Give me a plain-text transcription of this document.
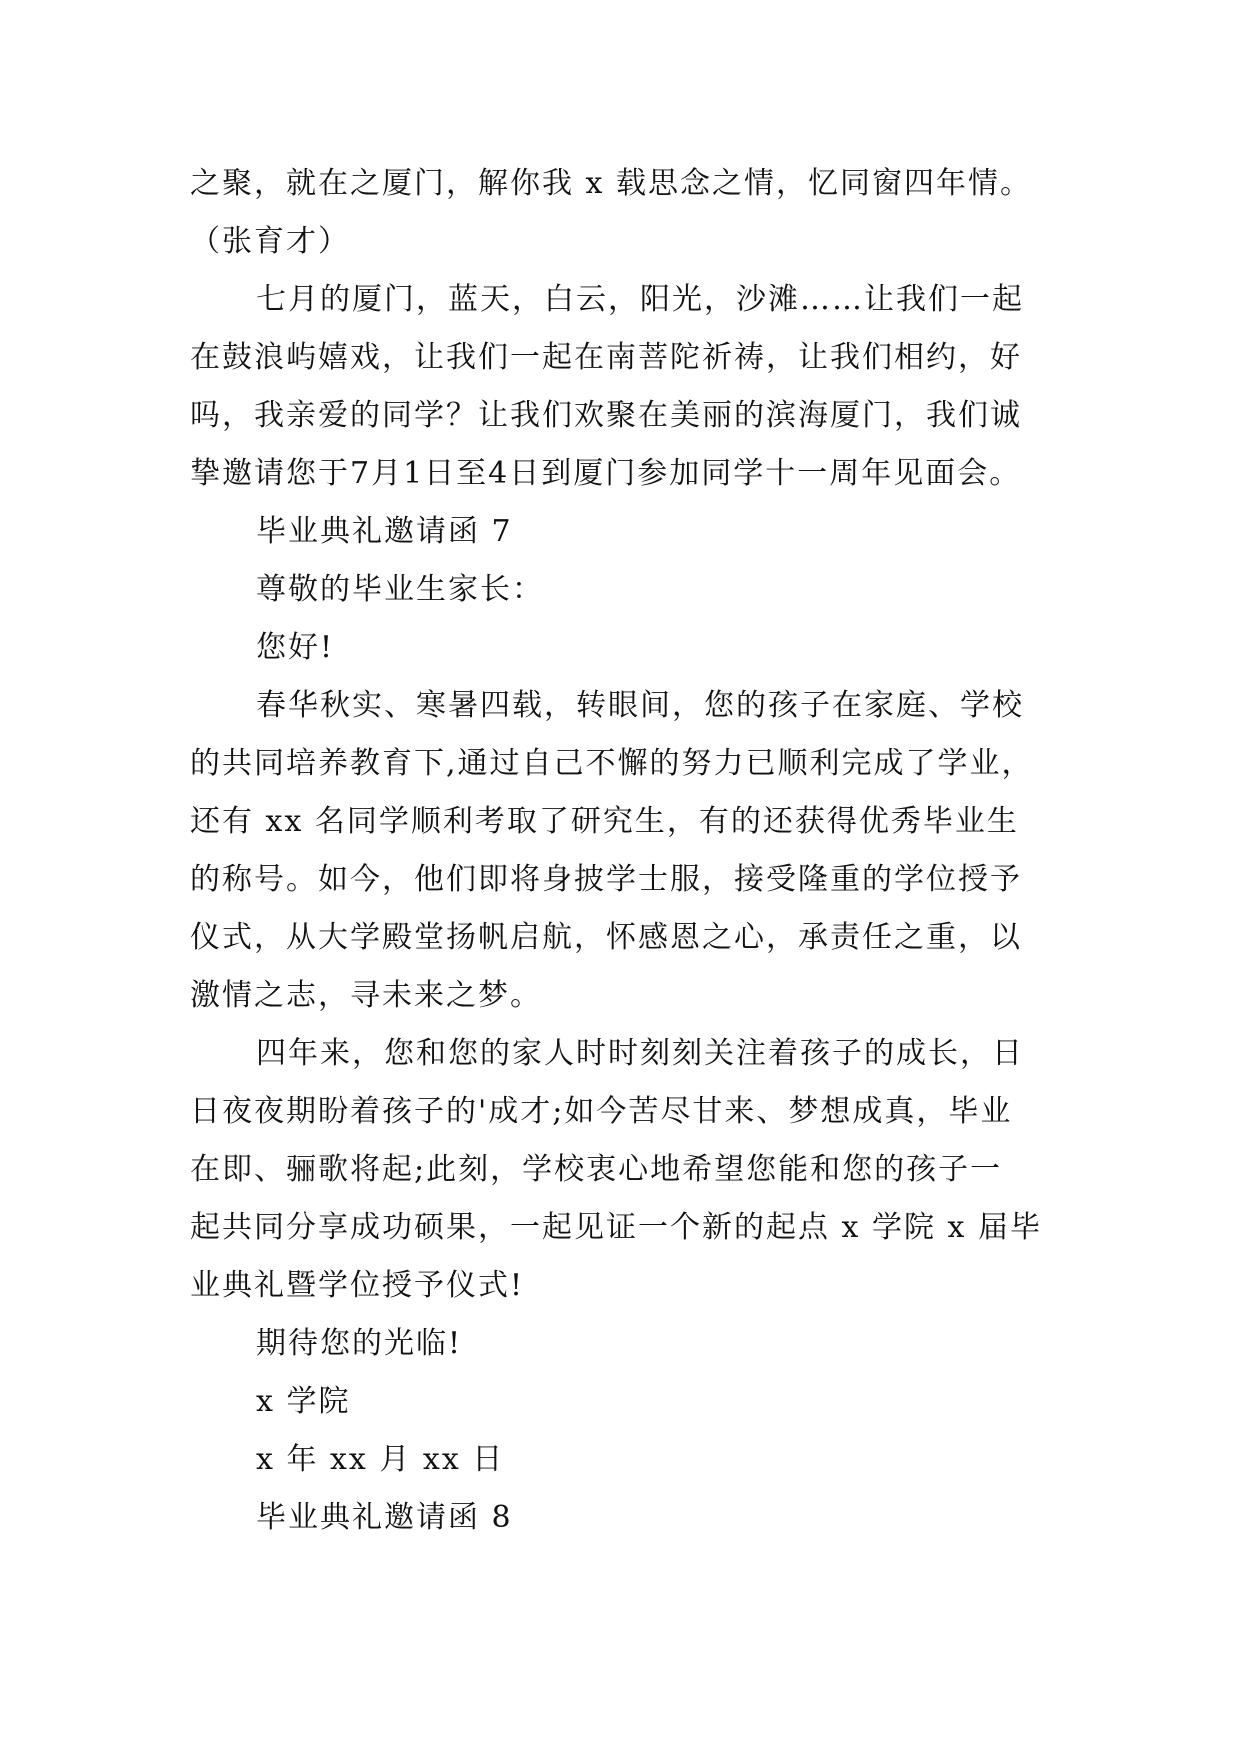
之聚，就在之厦门，解你我 x 载思念之情，忆同窗四年情。
（张育才）
七月的厦门，蓝天，白云，阳光，沙滩……让我们一起
在鼓浪屿嬉戏，让我们一起在南菩陀祈祷，让我们相约，好
吗，我亲爱的同学？让我们欢聚在美丽的滨海厦门，我们诚
挚邀请您于7月1日至4日到厦门参加同学十一周年见面会。
毕业典礼邀请函 7
尊敬的毕业生家长：
您好!
春华秋实、寒暑四载，转眼间，您的孩子在家庭、学校
的共同培养教育下,通过自己不懈的努力已顺利完成了学业，
还有 xx 名同学顺利考取了研究生，有的还获得优秀毕业生
的称号。如今，他们即将身披学士服，接受隆重的学位授予
仪式，从大学殿堂扬帆启航，怀感恩之心，承责任之重，以
激情之志，寻未来之梦。
四年来，您和您的家人时时刻刻关注着孩子的成长，日
日夜夜期盼着孩子的'成才;如今苦尽甘来、梦想成真，毕业
在即、骊歌将起;此刻，学校衷心地希望您能和您的孩子一
起共同分享成功硕果，一起见证一个新的起点 x 学院 x 届毕
业典礼暨学位授予仪式!
期待您的光临!
x 学院
x 年 xx 月 xx 日
毕业典礼邀请函 8
